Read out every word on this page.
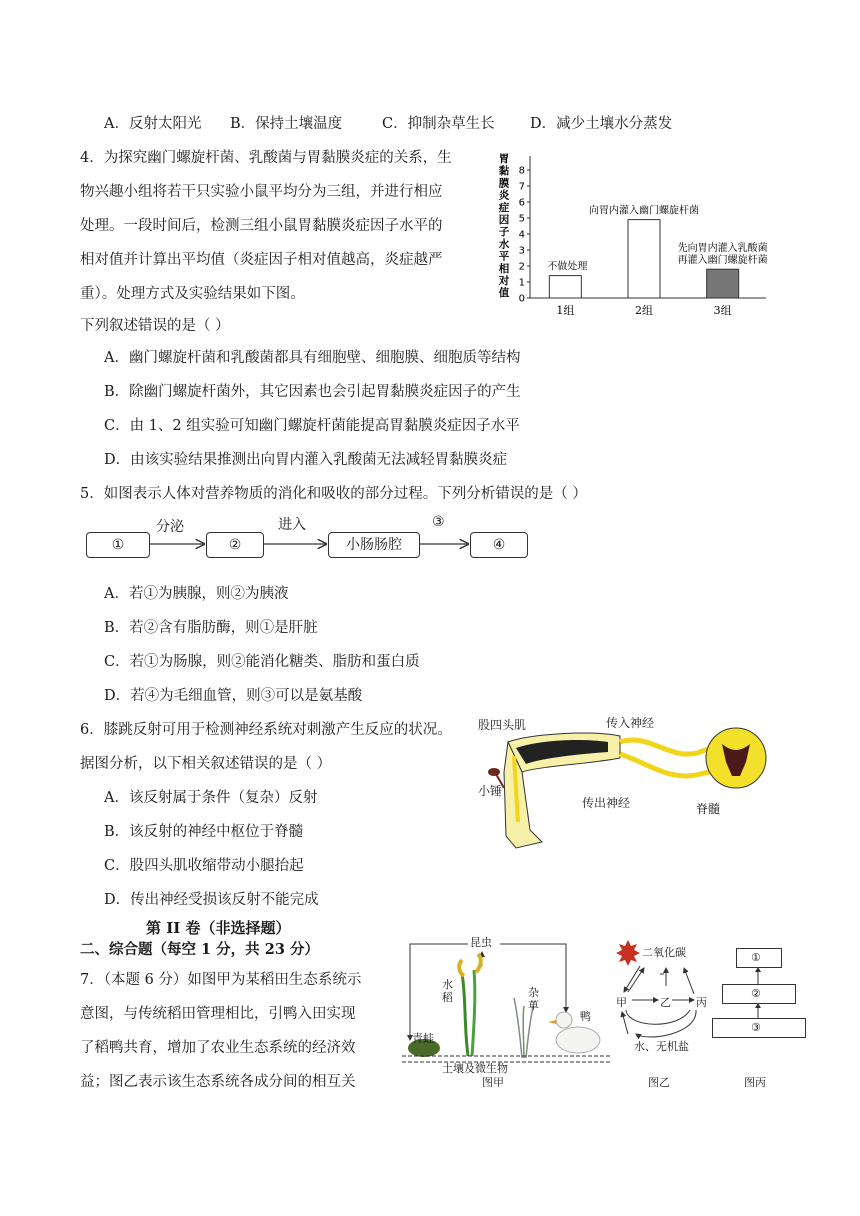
A．反射太阳光 B．保持土壤温度	C．抑制杂草生长 D．减少土壤水分蒸发
4．为探究幽门螺旋杆菌、乳酸菌与胃黏膜炎症的关系，生
物兴趣小组将若干只实验小鼠平均分为三组，并进行相应
处理。一段时间后，检测三组小鼠胃黏膜炎症因子水平的
相对值并计算出平均值（炎症因子相对值越高，炎症越严
重）。处理方式及实验结果如下图。
下列叙述错误的是（ ）
胃
黏
膜
炎
症
因
子
水
平
相
对
值 0
1
2
3
4
5
6
7
8
不做处理
向胃内灌入幽门螺旋杆菌
先向胃内灌入乳酸菌
再灌入幽门螺旋杆菌
1组	2组	3组
A．幽门螺旋杆菌和乳酸菌都具有细胞壁、细胞膜、细胞质等结构
B．除幽门螺旋杆菌外，其它因素也会引起胃黏膜炎症因子的产生
C．由 1、2 组实验可知幽门螺旋杆菌能提高胃黏膜炎症因子水平
D．由该实验结果推测出向胃内灌入乳酸菌无法减轻胃黏膜炎症
5．如图表示人体对营养物质的消化和吸收的部分过程。下列分析错误的是（ ）
①	②	小肠肠腔	④
分泌	进入	③
A．若①为胰腺，则②为胰液
B．若②含有脂肪酶，则①是肝脏
C．若①为肠腺，则②能消化糖类、脂肪和蛋白质
D．若④为毛细血管，则③可以是氨基酸
6．膝跳反射可用于检测神经系统对刺激产生反应的状况。
据图分析，以下相关叙述错误的是（ ）
A．该反射属于条件（复杂）反射
B．该反射的神经中枢位于脊髓
C．股四头肌收缩带动小腿抬起
D．传出神经受损该反射不能完成
股四头肌	传入神经
小锤
传出神经	脊髓
第 II 卷（非选择题）
二、综合题（每空 1 分，共 23 分）
7．（本题 6 分）如图甲为某稻田生态系统示
意图，与传统稻田管理相比，引鸭入田实现
了稻鸭共育，增加了农业生态系统的经济效
益；图乙表示该生态系统各成分间的相互关
昆虫
水稻	杂草
鸭
青蛙
土壤及微生物
图甲
二氧化碳
甲	乙 丙
水、无机盐
图乙
①
②
③
图丙
